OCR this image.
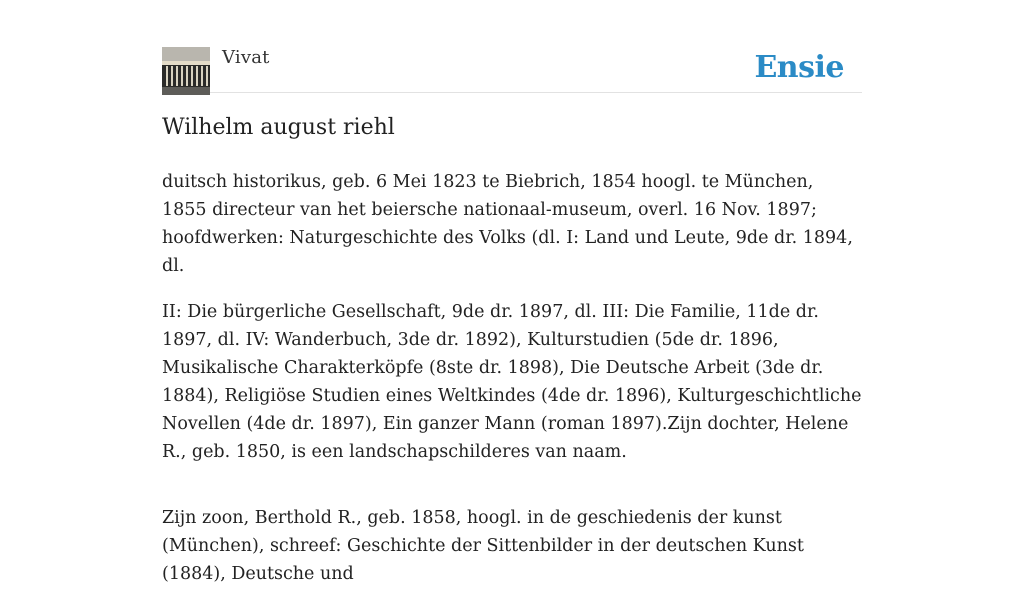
Vivat	Ensie
Wilhelm august riehl

duitsch historikus, geb. 6 Mei 1823 te Biebrich, 1854 hoogl. te München, 1855 directeur van het beiersche nationaal-museum, overl. 16 Nov. 1897; hoofdwerken: Naturgeschichte des Volks (dl. I: Land und Leute, 9de dr. 1894, dl.

II: Die bürgerliche Gesellschaft, 9de dr. 1897, dl. III: Die Familie, 11de dr. 1897, dl. IV: Wanderbuch, 3de dr. 1892), Kulturstudien (5de dr. 1896, Musikalische Charakterköpfe (8ste dr. 1898), Die Deutsche Arbeit (3de dr. 1884), Religiöse Studien eines Weltkindes (4de dr. 1896), Kulturgeschichtliche Novellen (4de dr. 1897), Ein ganzer Mann (roman 1897).Zijn dochter, Helene R., geb. 1850, is een landschapschilderes van naam.

Zijn zoon, Berthold R., geb. 1858, hoogl. in de geschiedenis der kunst (München), schreef: Geschichte der Sittenbilder in der deutschen Kunst (1884), Deutsche und
